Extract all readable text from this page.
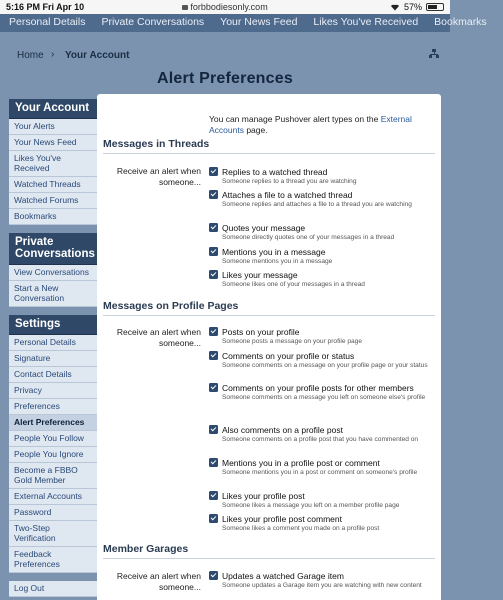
5:16 PM Fri Apr 10	forbbodiesonly.com	57%
Personal Details Private Conversations Your News Feed Likes You've Received Bookmarks
Home › Your Account
Alert Preferences
Your Account
Your Alerts
Your News Feed
Likes You've Received
Watched Threads
Watched Forums
Bookmarks
Private Conversations
View Conversations
Start a New Conversation
Settings
Personal Details
Signature
Contact Details
Privacy
Preferences
Alert Preferences
People You Follow
People You Ignore
Become a FBBO Gold Member
External Accounts
Password
Two-Step Verification
Feedback Preferences
Log Out
You can manage Pushover alert types on the External Accounts page.
Messages in Threads
Receive an alert when someone...
Replies to a watched thread
Someone replies to a thread you are watching
Attaches a file to a watched thread
Someone replies and attaches a file to a thread you are watching
Quotes your message
Someone directly quotes one of your messages in a thread
Mentions you in a message
Someone mentions you in a message
Likes your message
Someone likes one of your messages in a thread
Messages on Profile Pages
Receive an alert when someone...
Posts on your profile
Someone posts a message on your profile page
Comments on your profile or status
Someone comments on a message on your profile page or your status
Comments on your profile posts for other members
Someone comments on a message you left on someone else's profile
Also comments on a profile post
Someone comments on a profile post that you have commented on
Mentions you in a profile post or comment
Someone mentions you in a post or comment on someone's profile
Likes your profile post
Someone likes a message you left on a member profile page
Likes your profile post comment
Someone likes a comment you made on a profile post
Member Garages
Receive an alert when someone...
Updates a watched Garage item
Someone updates a Garage item you are watching with new content
